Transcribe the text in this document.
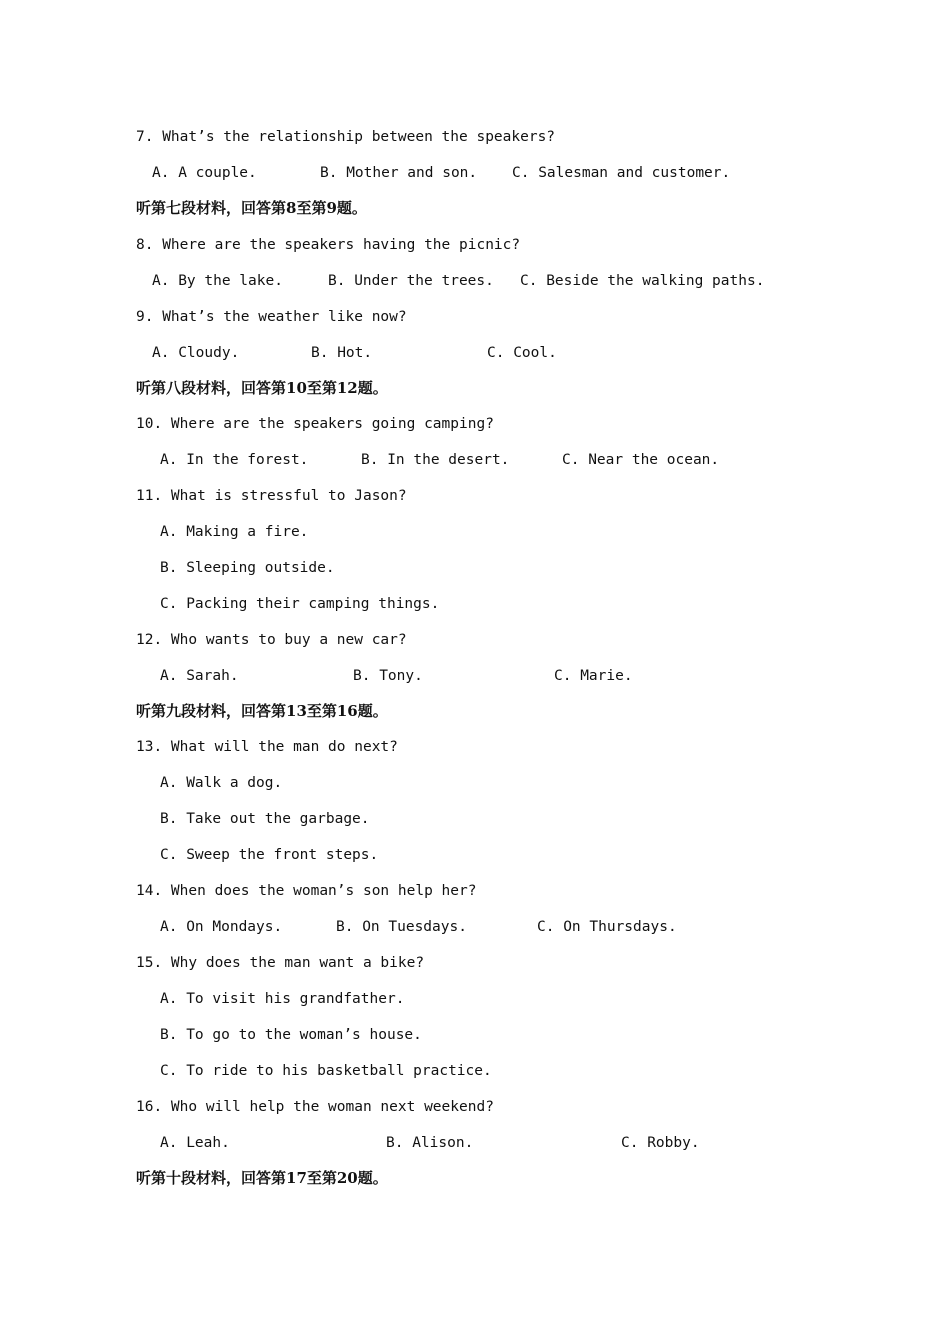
7. What’s the relationship between the speakers?
A. A couple.	B. Mother and son. C. Salesman and customer.
听第七段材料，回答第8至第9题。
8. Where are the speakers having the picnic?
A. By the lake.	B. Under the trees. C. Beside the walking paths.
9. What’s the weather like now?
A. Cloudy.	B. Hot.	C. Cool.
听第八段材料，回答第10至第12题。
10. Where are the speakers going camping?
A. In the forest.	B. In the desert.	C. Near the ocean.
11. What is stressful to Jason?
A. Making a fire.
B. Sleeping outside.
C. Packing their camping things.
12. Who wants to buy a new car?
A. Sarah.	B. Tony.	C. Marie.
听第九段材料，回答第13至第16题。
13. What will the man do next?
A. Walk a dog.
B. Take out the garbage.
C. Sweep the front steps.
14. When does the woman’s son help her?
A. On Mondays.	B. On Tuesdays.	C. On Thursdays.
15. Why does the man want a bike?
A. To visit his grandfather.
B. To go to the woman’s house.
C. To ride to his basketball practice.
16. Who will help the woman next weekend?
A. Leah.	B. Alison.	C. Robby.
听第十段材料，回答第17至第20题。
